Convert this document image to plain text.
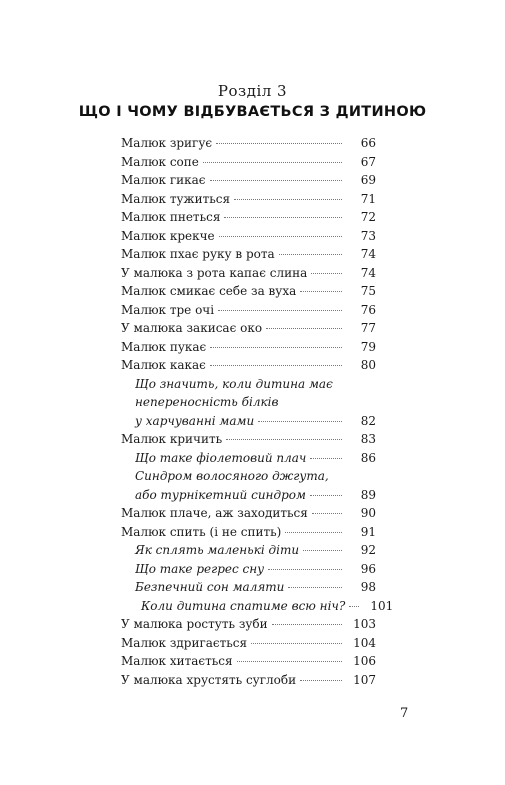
Розділ 3
ЩО І ЧОМУ ВІДБУВАЄТЬСЯ З ДИТИНОЮ
Малюк зригує	66
Малюк сопе	67
Малюк гикає	69
Малюк тужиться	71
Малюк пнеться	72
Малюк крекче	73
Малюк пхає руку в рота	74
У малюка з рота капає слина	74
Малюк смикає себе за вуха	75
Малюк тре очі	76
У малюка закисає око	77
Малюк пукає	79
Малюк какає	80
Що значить, коли дитина має
непереносність білків
у харчуванні мами	82
Малюк кричить	83
Що таке фіолетовий плач	86
Синдром волосяного джгута,
або турнікетний синдром	89
Малюк плаче, аж заходиться	90
Малюк спить (і не спить)	91
Як сплять маленькі діти	92
Що таке регрес сну	96
Безпечний сон маляти	98
Коли дитина спатиме всю ніч?	101
У малюка ростуть зуби	103
Малюк здригається	104
Малюк хитається	106
У малюка хрустять суглоби	107
7
